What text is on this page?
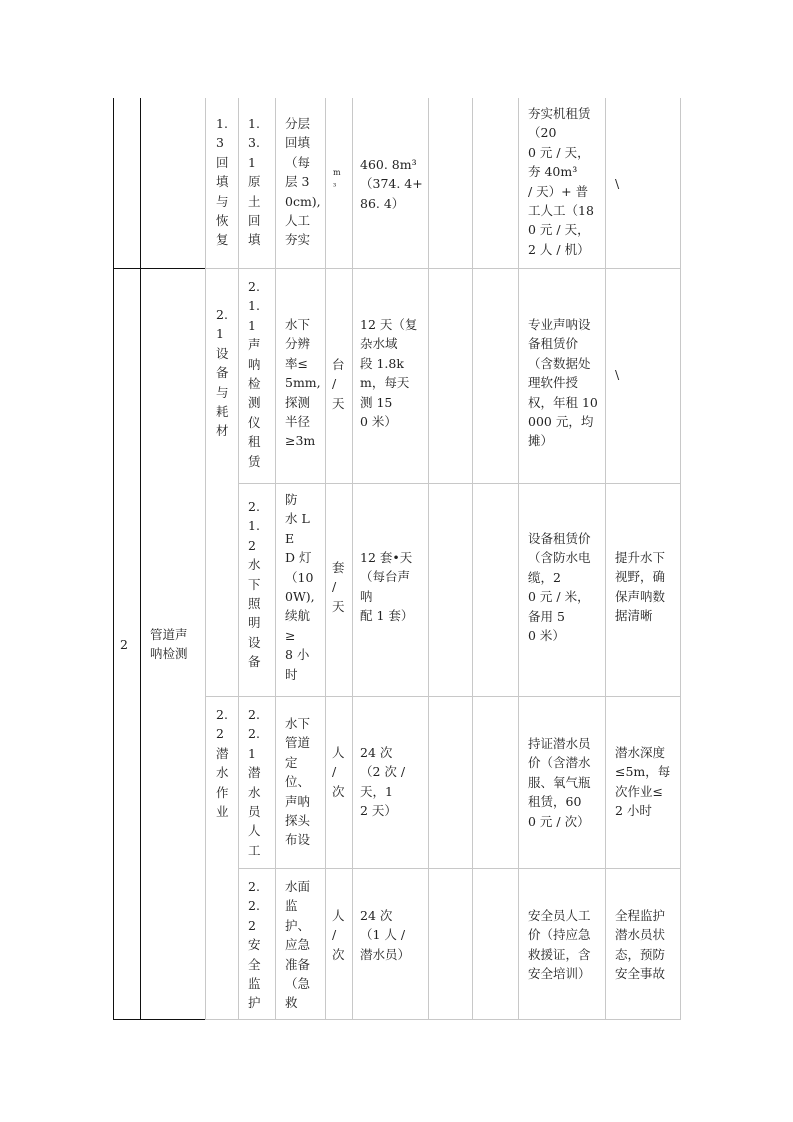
1.
3
回
填
与
恢
复
1.
3.
1
原
土
回
填
分层
回填
（每
层 3
0cm),
人工
夯实
m
³
460. 8m³
（374. 4+
86. 4）
夯实机租赁
（20
0 元 / 天，
夯 40m³
/ 天）+ 普
工人工（18
0 元 / 天，
2 人 / 机）
\
2.
1
设
备
与
耗
材
2.
1.
1
声
呐
检
测
仪
租
赁
水下
分辨
率≤
5mm,
探测
半径
≥3m
台
/
天
12 天（复
杂水域
段 1.8k
m，每天
测 15
0 米）
专业声呐设
备租赁价
（含数据处
理软件授
权，年租 10
000 元，均
摊）
\
2
管道声
呐检测
2.
1.
2
水
下
照
明
设
备
防
水 L
E
D 灯
（10
0W),
续航
≥
8 小
时
套
/
天
12 套•天
（每台声
呐
配 1 套）
设备租赁价
（含防水电
缆，2
0 元 / 米，
备用 5
0 米）
提升水下
视野，确
保声呐数
据清晰
2.
2
潜
水
作
业
2.
2.
1
潜
水
员
人
工
水下
管道
定
位、
声呐
探头
布设
人
/
次
24 次
（2 次 /
天，1
2 天）
持证潜水员
价（含潜水
服、氧气瓶
租赁，60
0 元 / 次）
潜水深度
≤5m，每
次作业≤
2 小时
2.
2.
2
安
全
监
护
水面
监
护、
应急
准备
（急
救
人
/
次
24 次
（1 人 /
潜水员）
安全员人工
价（持应急
救援证，含
安全培训）
全程监护
潜水员状
态，预防
安全事故
